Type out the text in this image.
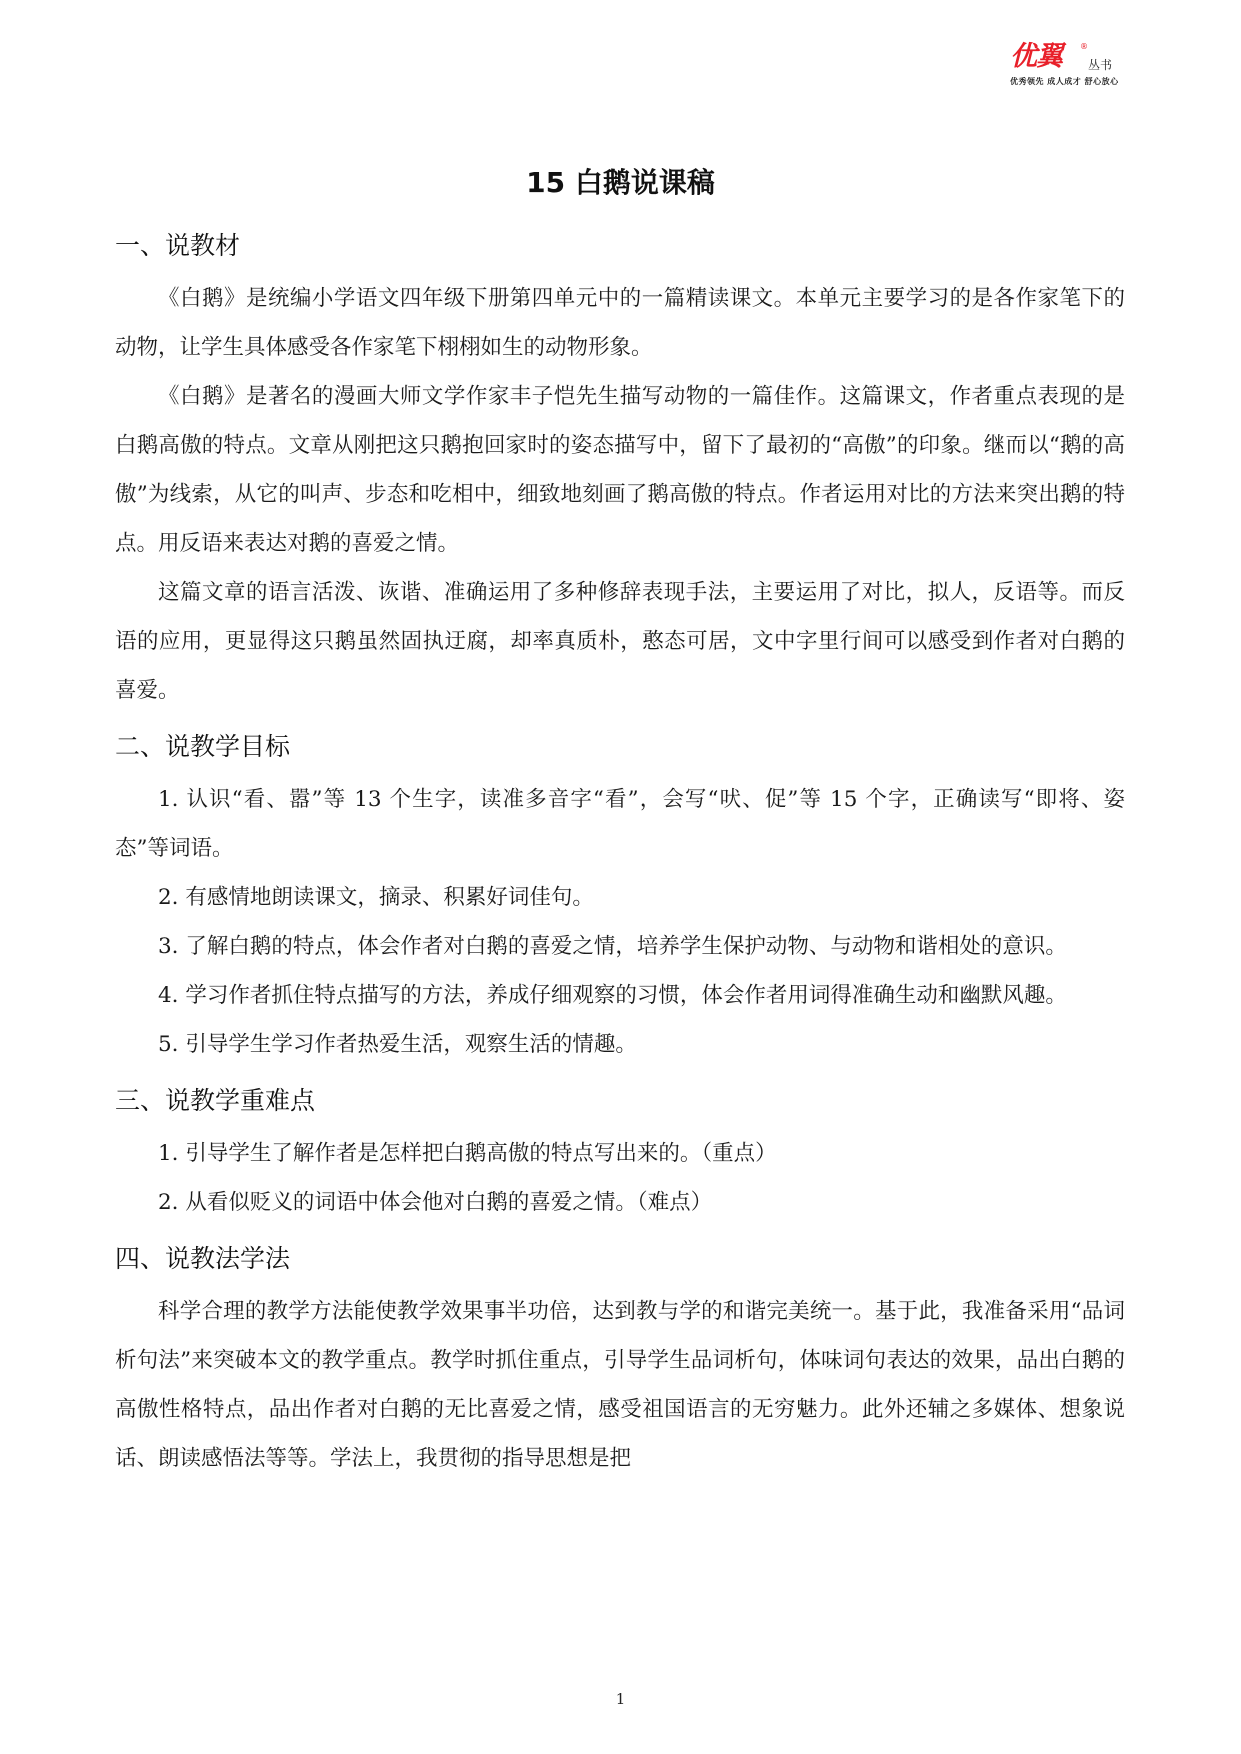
优翼 ®
丛书
优秀领先 成人成才 舒心放心
15 白鹅说课稿
一、说教材

《白鹅》是统编小学语文四年级下册第四单元中的一篇精读课文。本单元主要学习的是各作家笔下的动物，让学生具体感受各作家笔下栩栩如生的动物形象。

《白鹅》是著名的漫画大师文学作家丰子恺先生描写动物的一篇佳作。这篇课文，作者重点表现的是白鹅高傲的特点。文章从刚把这只鹅抱回家时的姿态描写中，留下了最初的“高傲”的印象。继而以“鹅的高傲”为线索，从它的叫声、步态和吃相中，细致地刻画了鹅高傲的特点。作者运用对比的方法来突出鹅的特点。用反语来表达对鹅的喜爱之情。

这篇文章的语言活泼、诙谐、准确运用了多种修辞表现手法，主要运用了对比，拟人，反语等。而反语的应用，更显得这只鹅虽然固执迂腐，却率真质朴，憨态可居，文中字里行间可以感受到作者对白鹅的喜爱。

二、说教学目标

1. 认识“看、嚣”等 13 个生字，读准多音字“看”，会写“吠、促”等 15 个字，正确读写“即将、姿态”等词语。

2. 有感情地朗读课文，摘录、积累好词佳句。

3. 了解白鹅的特点，体会作者对白鹅的喜爱之情，培养学生保护动物、与动物和谐相处的意识。

4. 学习作者抓住特点描写的方法，养成仔细观察的习惯，体会作者用词得准确生动和幽默风趣。

5. 引导学生学习作者热爱生活，观察生活的情趣。

三、说教学重难点

1. 引导学生了解作者是怎样把白鹅高傲的特点写出来的。（重点）

2. 从看似贬义的词语中体会他对白鹅的喜爱之情。（难点）

四、说教法学法

科学合理的教学方法能使教学效果事半功倍，达到教与学的和谐完美统一。基于此，我准备采用“品词析句法”来突破本文的教学重点。教学时抓住重点，引导学生品词析句，体味词句表达的效果，品出白鹅的高傲性格特点，品出作者对白鹅的无比喜爱之情，感受祖国语言的无穷魅力。此外还辅之多媒体、想象说话、朗读感悟法等等。学法上，我贯彻的指导思想是把

1
